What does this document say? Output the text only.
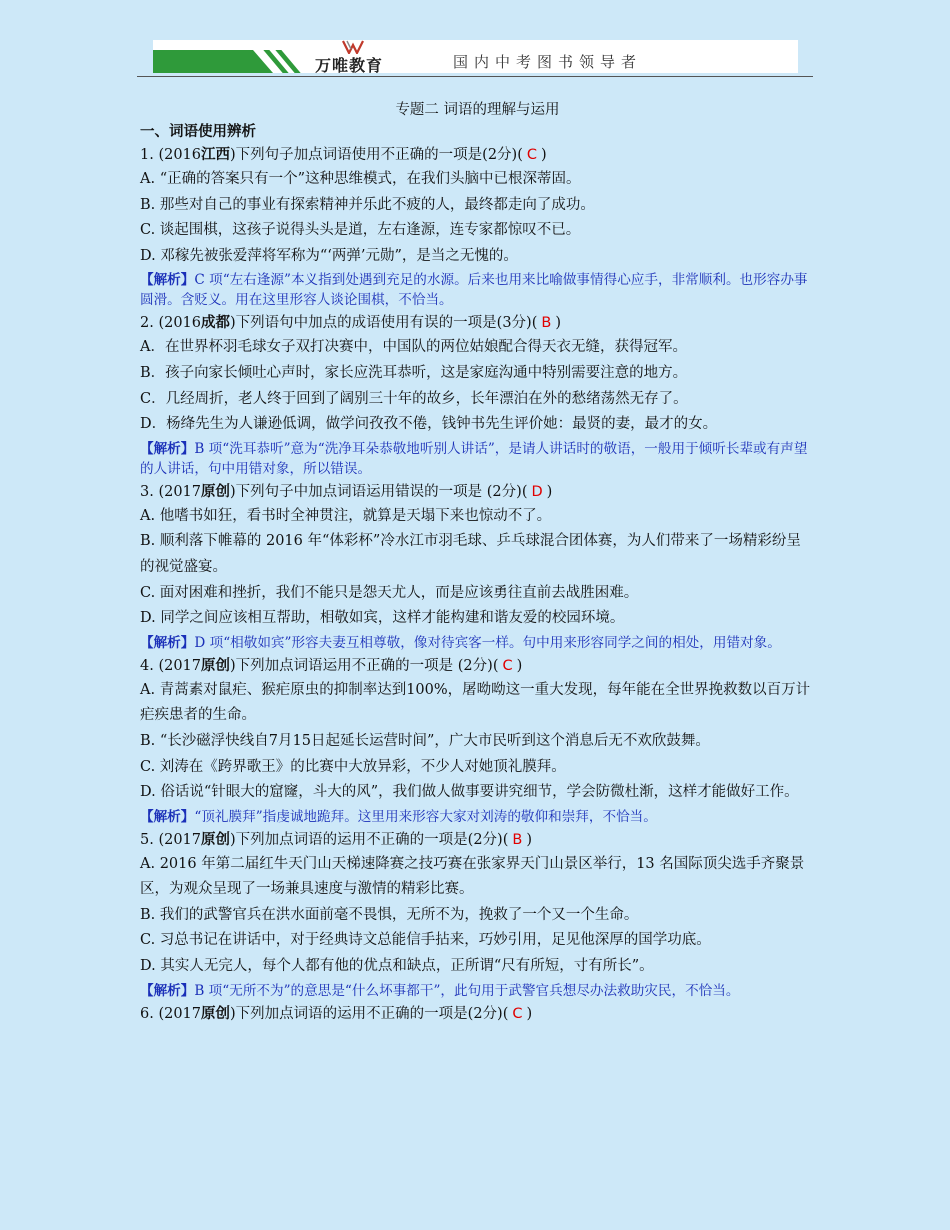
万唯教育	国内中考图书领导者
专题二 词语的理解与运用
一、词语使用辨析
1. (2016江西)下列句子加点词语使用不正确的一项是(2分)( C )
A. “正确的答案只有一个”这种思维模式，在我们头脑中已根深蒂固。
B. 那些对自己的事业有探索精神并乐此不疲的人，最终都走向了成功。
C. 谈起围棋，这孩子说得头头是道，左右逢源，连专家都惊叹不已。
D. 邓稼先被张爱萍将军称为“‘两弹’元勋”，是当之无愧的。
【解析】C 项“左右逢源”本义指到处遇到充足的水源。后来也用来比喻做事情得心应手，非常顺利。也形容办事圆滑。含贬义。用在这里形容人谈论围棋，不恰当。
2. (2016成都)下列语句中加点的成语使用有误的一项是(3分)( B )
A．在世界杯羽毛球女子双打决赛中，中国队的两位姑娘配合得天衣无缝，获得冠军。
B．孩子向家长倾吐心声时，家长应洗耳恭听，这是家庭沟通中特别需要注意的地方。
C．几经周折，老人终于回到了阔别三十年的故乡，长年漂泊在外的愁绪荡然无存了。
D．杨绛先生为人谦逊低调，做学问孜孜不倦，钱钟书先生评价她：最贤的妻，最才的女。
【解析】B 项“洗耳恭听”意为“洗净耳朵恭敬地听别人讲话”，是请人讲话时的敬语，一般用于倾听长辈或有声望的人讲话，句中用错对象，所以错误。
3. (2017原创)下列句子中加点词语运用错误的一项是 (2分)( D )
A. 他嗜书如狂，看书时全神贯注，就算是天塌下来也惊动不了。
B. 顺利落下帷幕的 2016 年“体彩杯”冷水江市羽毛球、乒乓球混合团体赛，为人们带来了一场精彩纷呈的视觉盛宴。
C. 面对困难和挫折，我们不能只是怨天尤人，而是应该勇往直前去战胜困难。
D. 同学之间应该相互帮助，相敬如宾，这样才能构建和谐友爱的校园环境。
【解析】D 项“相敬如宾”形容夫妻互相尊敬，像对待宾客一样。句中用来形容同学之间的相处，用错对象。
4. (2017原创)下列加点词语运用不正确的一项是 (2分)( C )
A. 青蒿素对鼠疟、猴疟原虫的抑制率达到100%，屠呦呦这一重大发现，每年能在全世界挽救数以百万计疟疾患者的生命。
B. “长沙磁浮快线自7月15日起延长运营时间”，广大市民听到这个消息后无不欢欣鼓舞。
C. 刘涛在《跨界歌王》的比赛中大放异彩，不少人对她顶礼膜拜。
D. 俗话说“针眼大的窟窿，斗大的风”，我们做人做事要讲究细节，学会防微杜渐，这样才能做好工作。
【解析】“顶礼膜拜”指虔诚地跪拜。这里用来形容大家对刘涛的敬仰和崇拜，不恰当。
5. (2017原创)下列加点词语的运用不正确的一项是(2分)( B )
A. 2016 年第二届红牛天门山天梯速降赛之技巧赛在张家界天门山景区举行，13 名国际顶尖选手齐聚景区，为观众呈现了一场兼具速度与激情的精彩比赛。
B. 我们的武警官兵在洪水面前毫不畏惧，无所不为，挽救了一个又一个生命。
C. 习总书记在讲话中，对于经典诗文总能信手拈来，巧妙引用，足见他深厚的国学功底。
D. 其实人无完人，每个人都有他的优点和缺点，正所谓“尺有所短，寸有所长”。
【解析】B 项“无所不为”的意思是“什么坏事都干”，此句用于武警官兵想尽办法救助灾民，不恰当。
6. (2017原创)下列加点词语的运用不正确的一项是(2分)( C )
